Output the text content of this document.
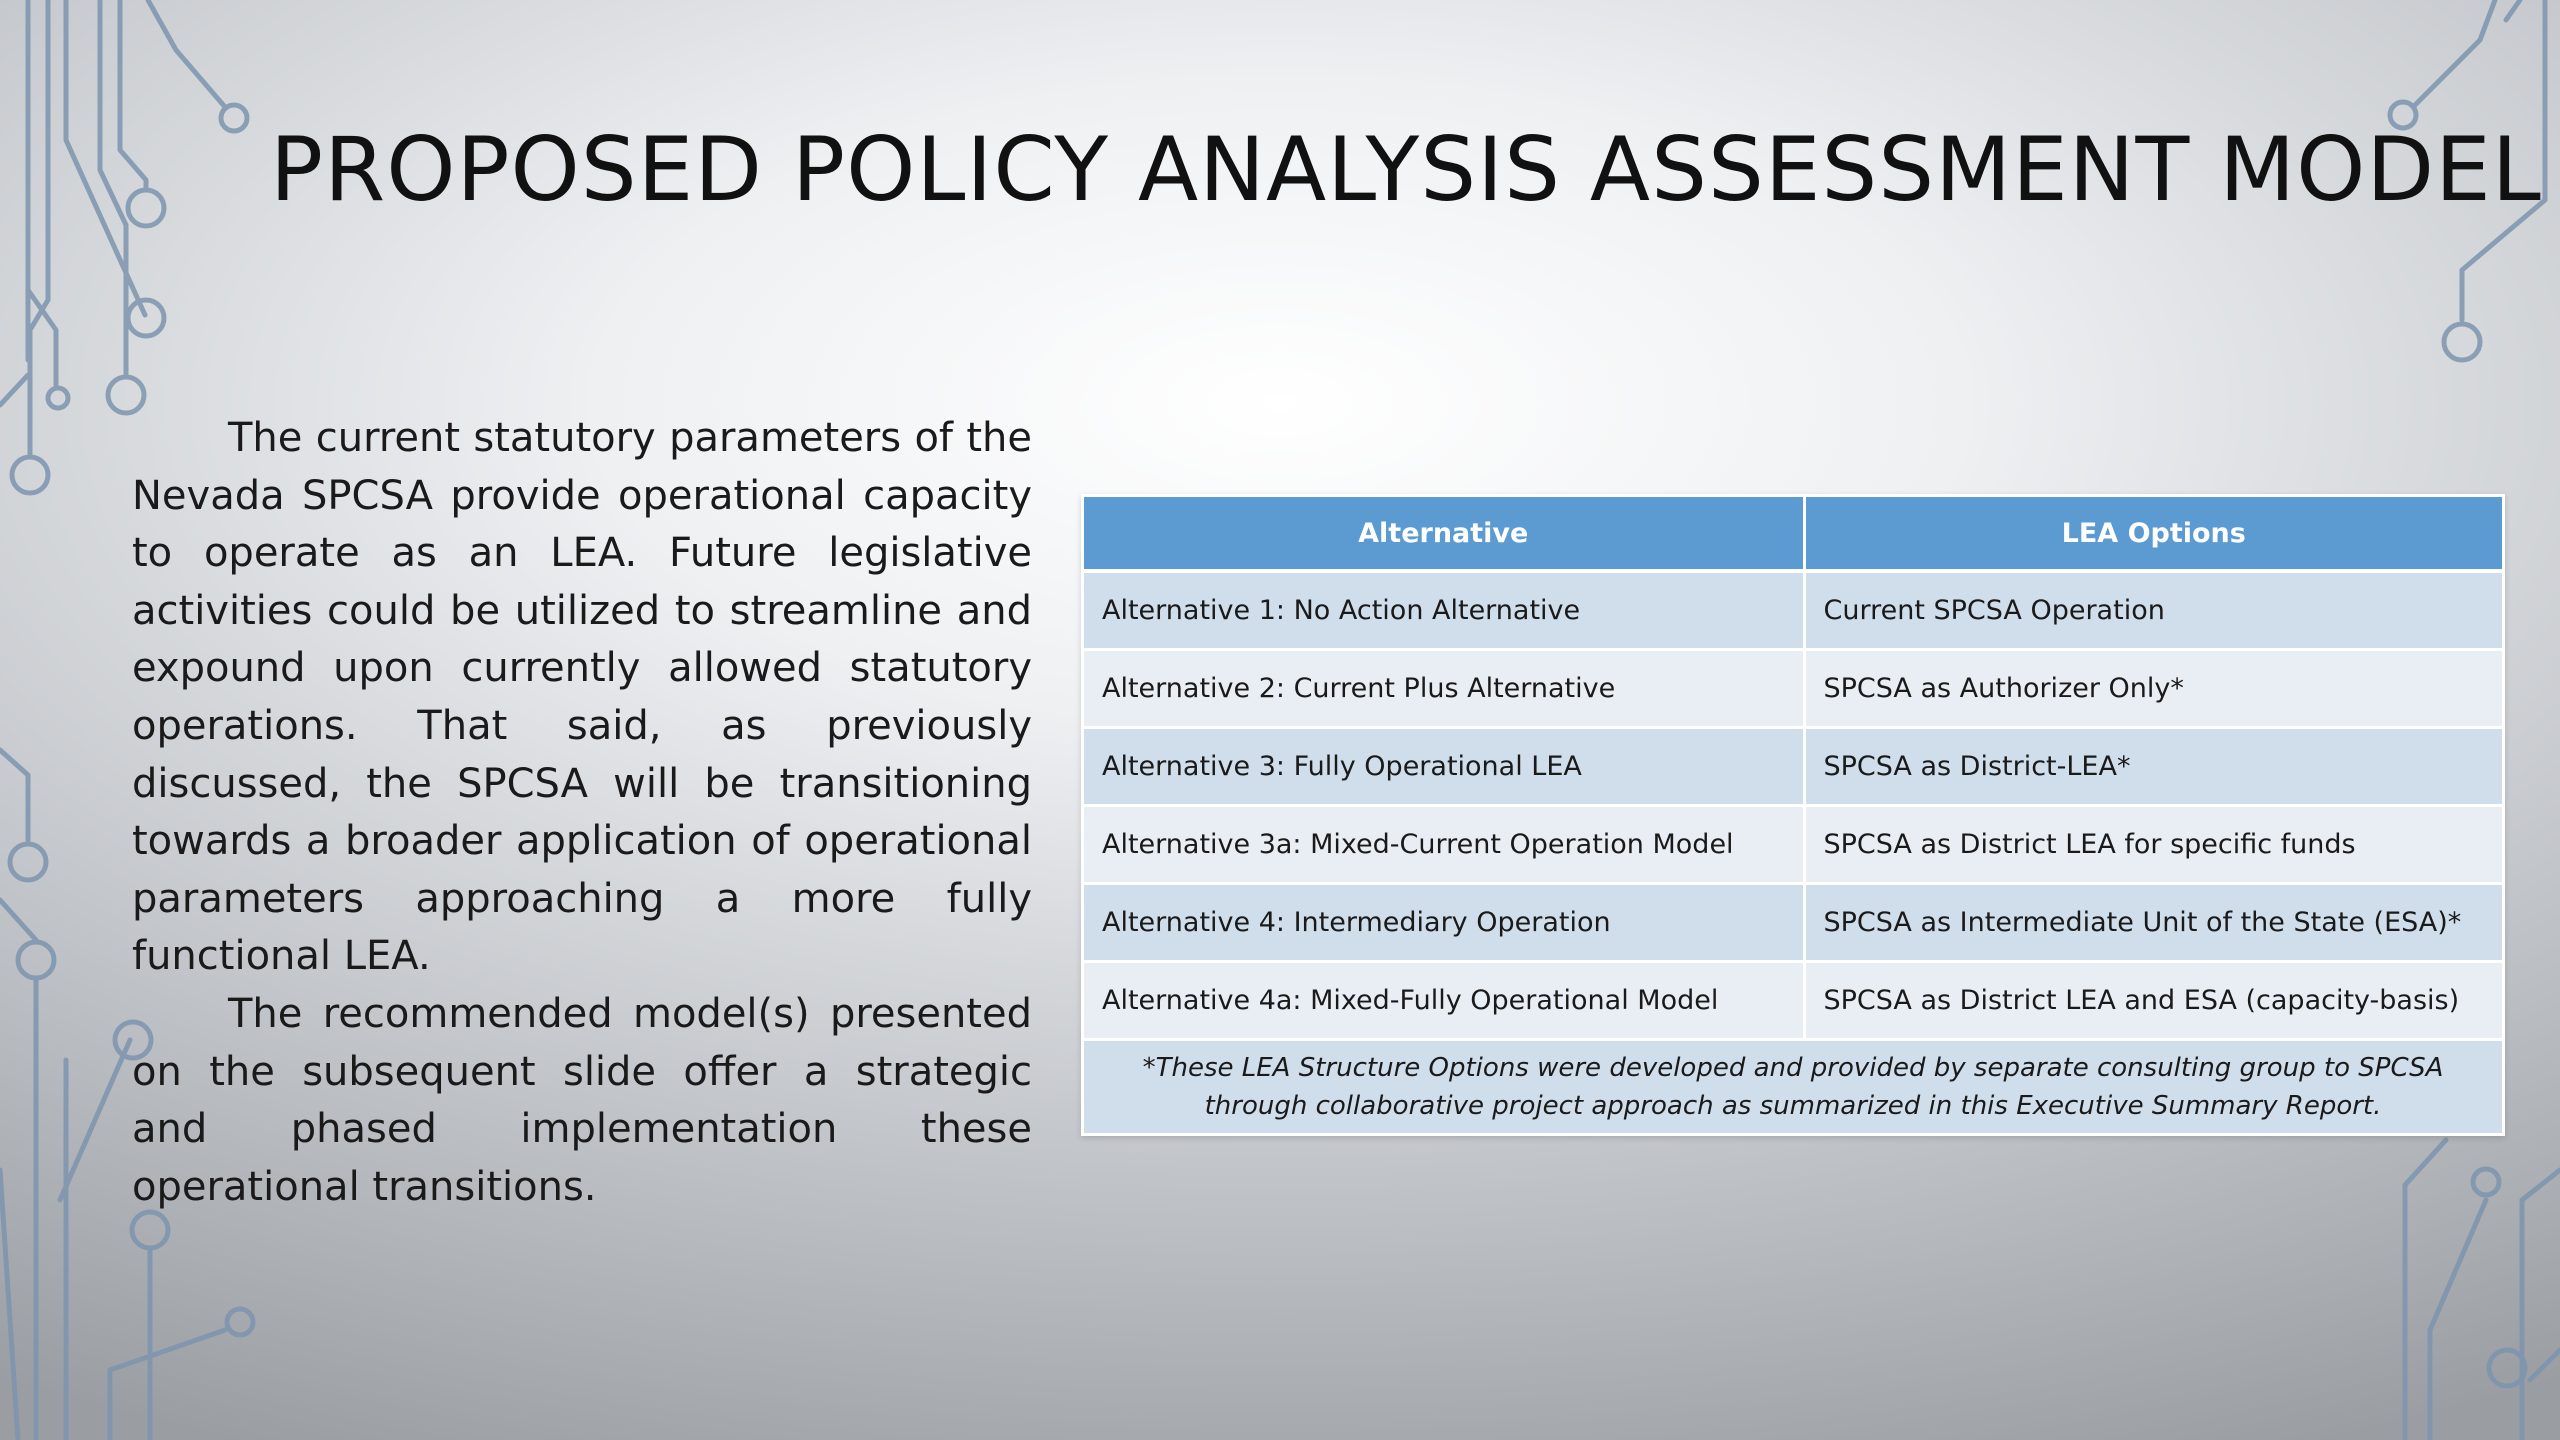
PROPOSED POLICY ANALYSIS ASSESSMENT MODEL

The current statutory parameters of the Nevada SPCSA provide operational capacity to operate as an LEA. Future legislative activities could be utilized to streamline and expound upon currently allowed statutory operations. That said, as previously discussed, the SPCSA will be transitioning towards a broader application of operational parameters approaching a more fully functional LEA.

The recommended model(s) presented on the subsequent slide offer a strategic and phased implementation these operational transitions.

Alternative	LEA Options
Alternative 1: No Action Alternative	Current SPCSA Operation
Alternative 2: Current Plus Alternative	SPCSA as Authorizer Only*
Alternative 3: Fully Operational LEA	SPCSA as District-LEA*
Alternative 3a: Mixed-Current Operation Model	SPCSA as District LEA for specific funds
Alternative 4: Intermediary Operation	SPCSA as Intermediate Unit of the State (ESA)*
Alternative 4a: Mixed-Fully Operational Model	SPCSA as District LEA and ESA (capacity-basis)
*These LEA Structure Options were developed and provided by separate consulting group to SPCSA through collaborative project approach as summarized in this Executive Summary Report.	
